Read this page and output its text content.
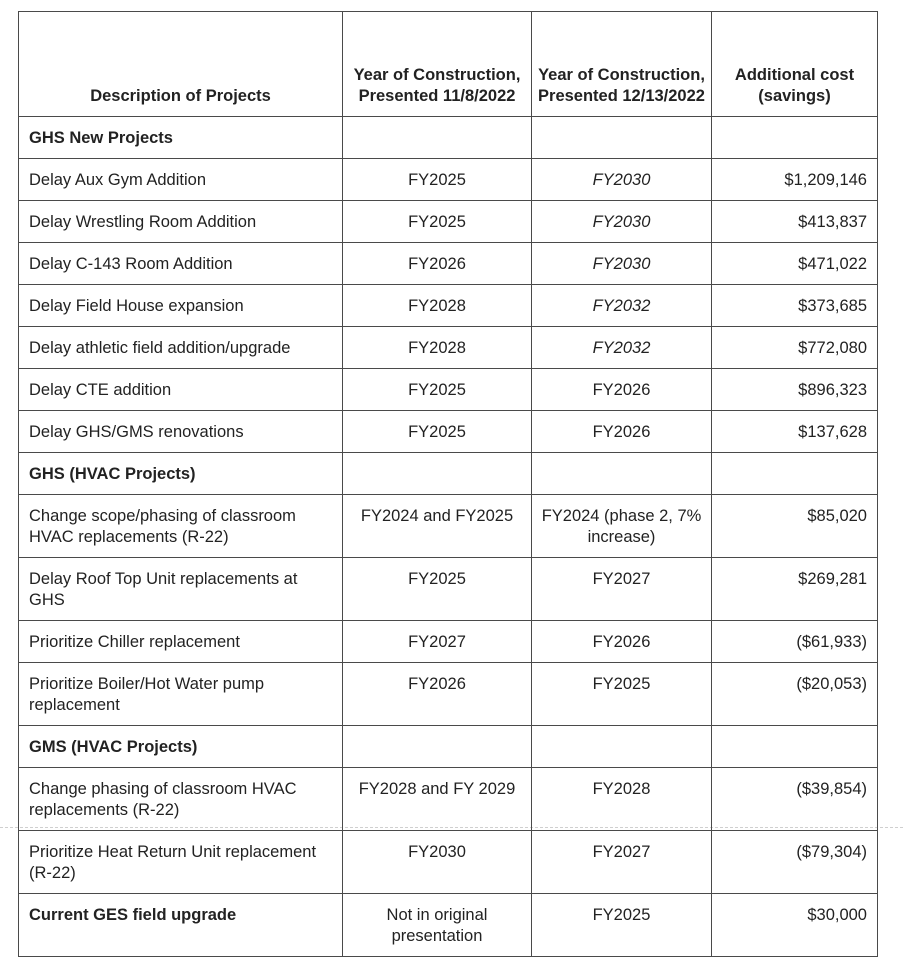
Description of Projects	Year of Construction, Presented 11/8/2022	Year of Construction, Presented 12/13/2022	Additional cost (savings)
GHS New Projects			
Delay Aux Gym Addition	FY2025	FY2030	$1,209,146
Delay Wrestling Room Addition	FY2025	FY2030	$413,837
Delay C-143 Room Addition	FY2026	FY2030	$471,022
Delay Field House expansion	FY2028	FY2032	$373,685
Delay athletic field addition/upgrade	FY2028	FY2032	$772,080
Delay CTE addition	FY2025	FY2026	$896,323
Delay GHS/GMS renovations	FY2025	FY2026	$137,628
GHS (HVAC Projects)			
Change scope/phasing of classroom HVAC replacements (R-22)	FY2024 and FY2025	FY2024 (phase 2, 7% increase)	$85,020
Delay Roof Top Unit replacements at GHS	FY2025	FY2027	$269,281
Prioritize Chiller replacement	FY2027	FY2026	($61,933)
Prioritize Boiler/Hot Water pump replacement	FY2026	FY2025	($20,053)
GMS (HVAC Projects)			
Change phasing of classroom HVAC replacements (R-22)	FY2028 and FY 2029	FY2028	($39,854)
Prioritize Heat Return Unit replacement (R-22)	FY2030	FY2027	($79,304)
Current GES field upgrade	Not in original presentation	FY2025	$30,000
